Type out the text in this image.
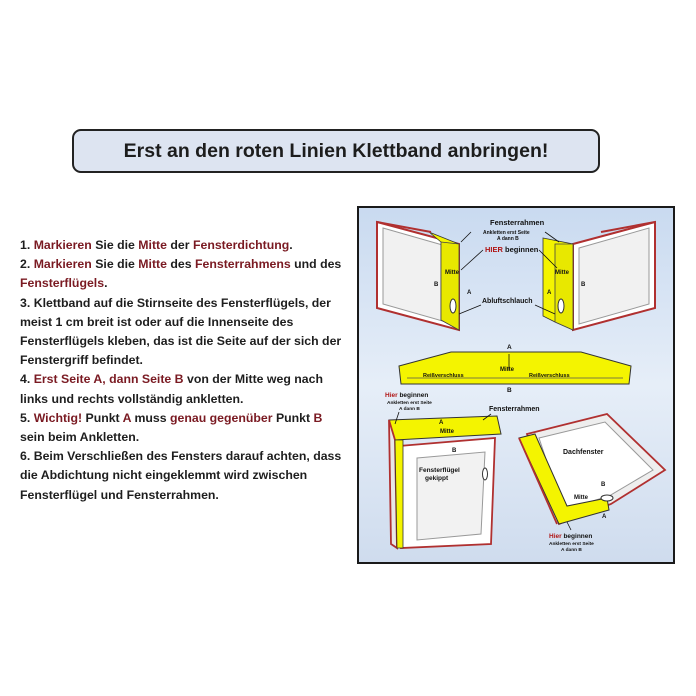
Erst an den roten Linien Klettband anbringen!

1. Markieren Sie die Mitte der Fensterdichtung.

2. Markieren Sie die Mitte des Fensterrahmens und des Fensterflügels.

3. Klettband auf die Stirnseite des Fensterflügels, der meist 1 cm breit ist oder auf die Innenseite des Fensterflügels kleben, das ist die Seite auf der sich der Fenstergriff befindet.

4. Erst Seite A, dann Seite B von der Mitte weg nach links und rechts vollständig ankletten.

5. Wichtig! Punkt A muss genau gegenüber Punkt B sein beim Ankletten.

6. Beim Verschließen des Fensters darauf achten, dass die Abdichtung nicht eingeklemmt wird zwischen Fensterflügel und Fensterrahmen.

Fensterrahmen
Ankletten erst Seite
A dann B
HIER beginnen
Mitte	Mitte
B	B
A	A
Abluftschlauch
A
Mitte
Reißverschluss	Reißverschluss
B
Hier beginnen
Ankletten erst Seite
A dann B	Fensterrahmen
Mitte
A
B
Fensterflügel
gekippt
Dachfenster
B
Mitte
A
Hier beginnen
Ankletten erst Seite
A dann B
